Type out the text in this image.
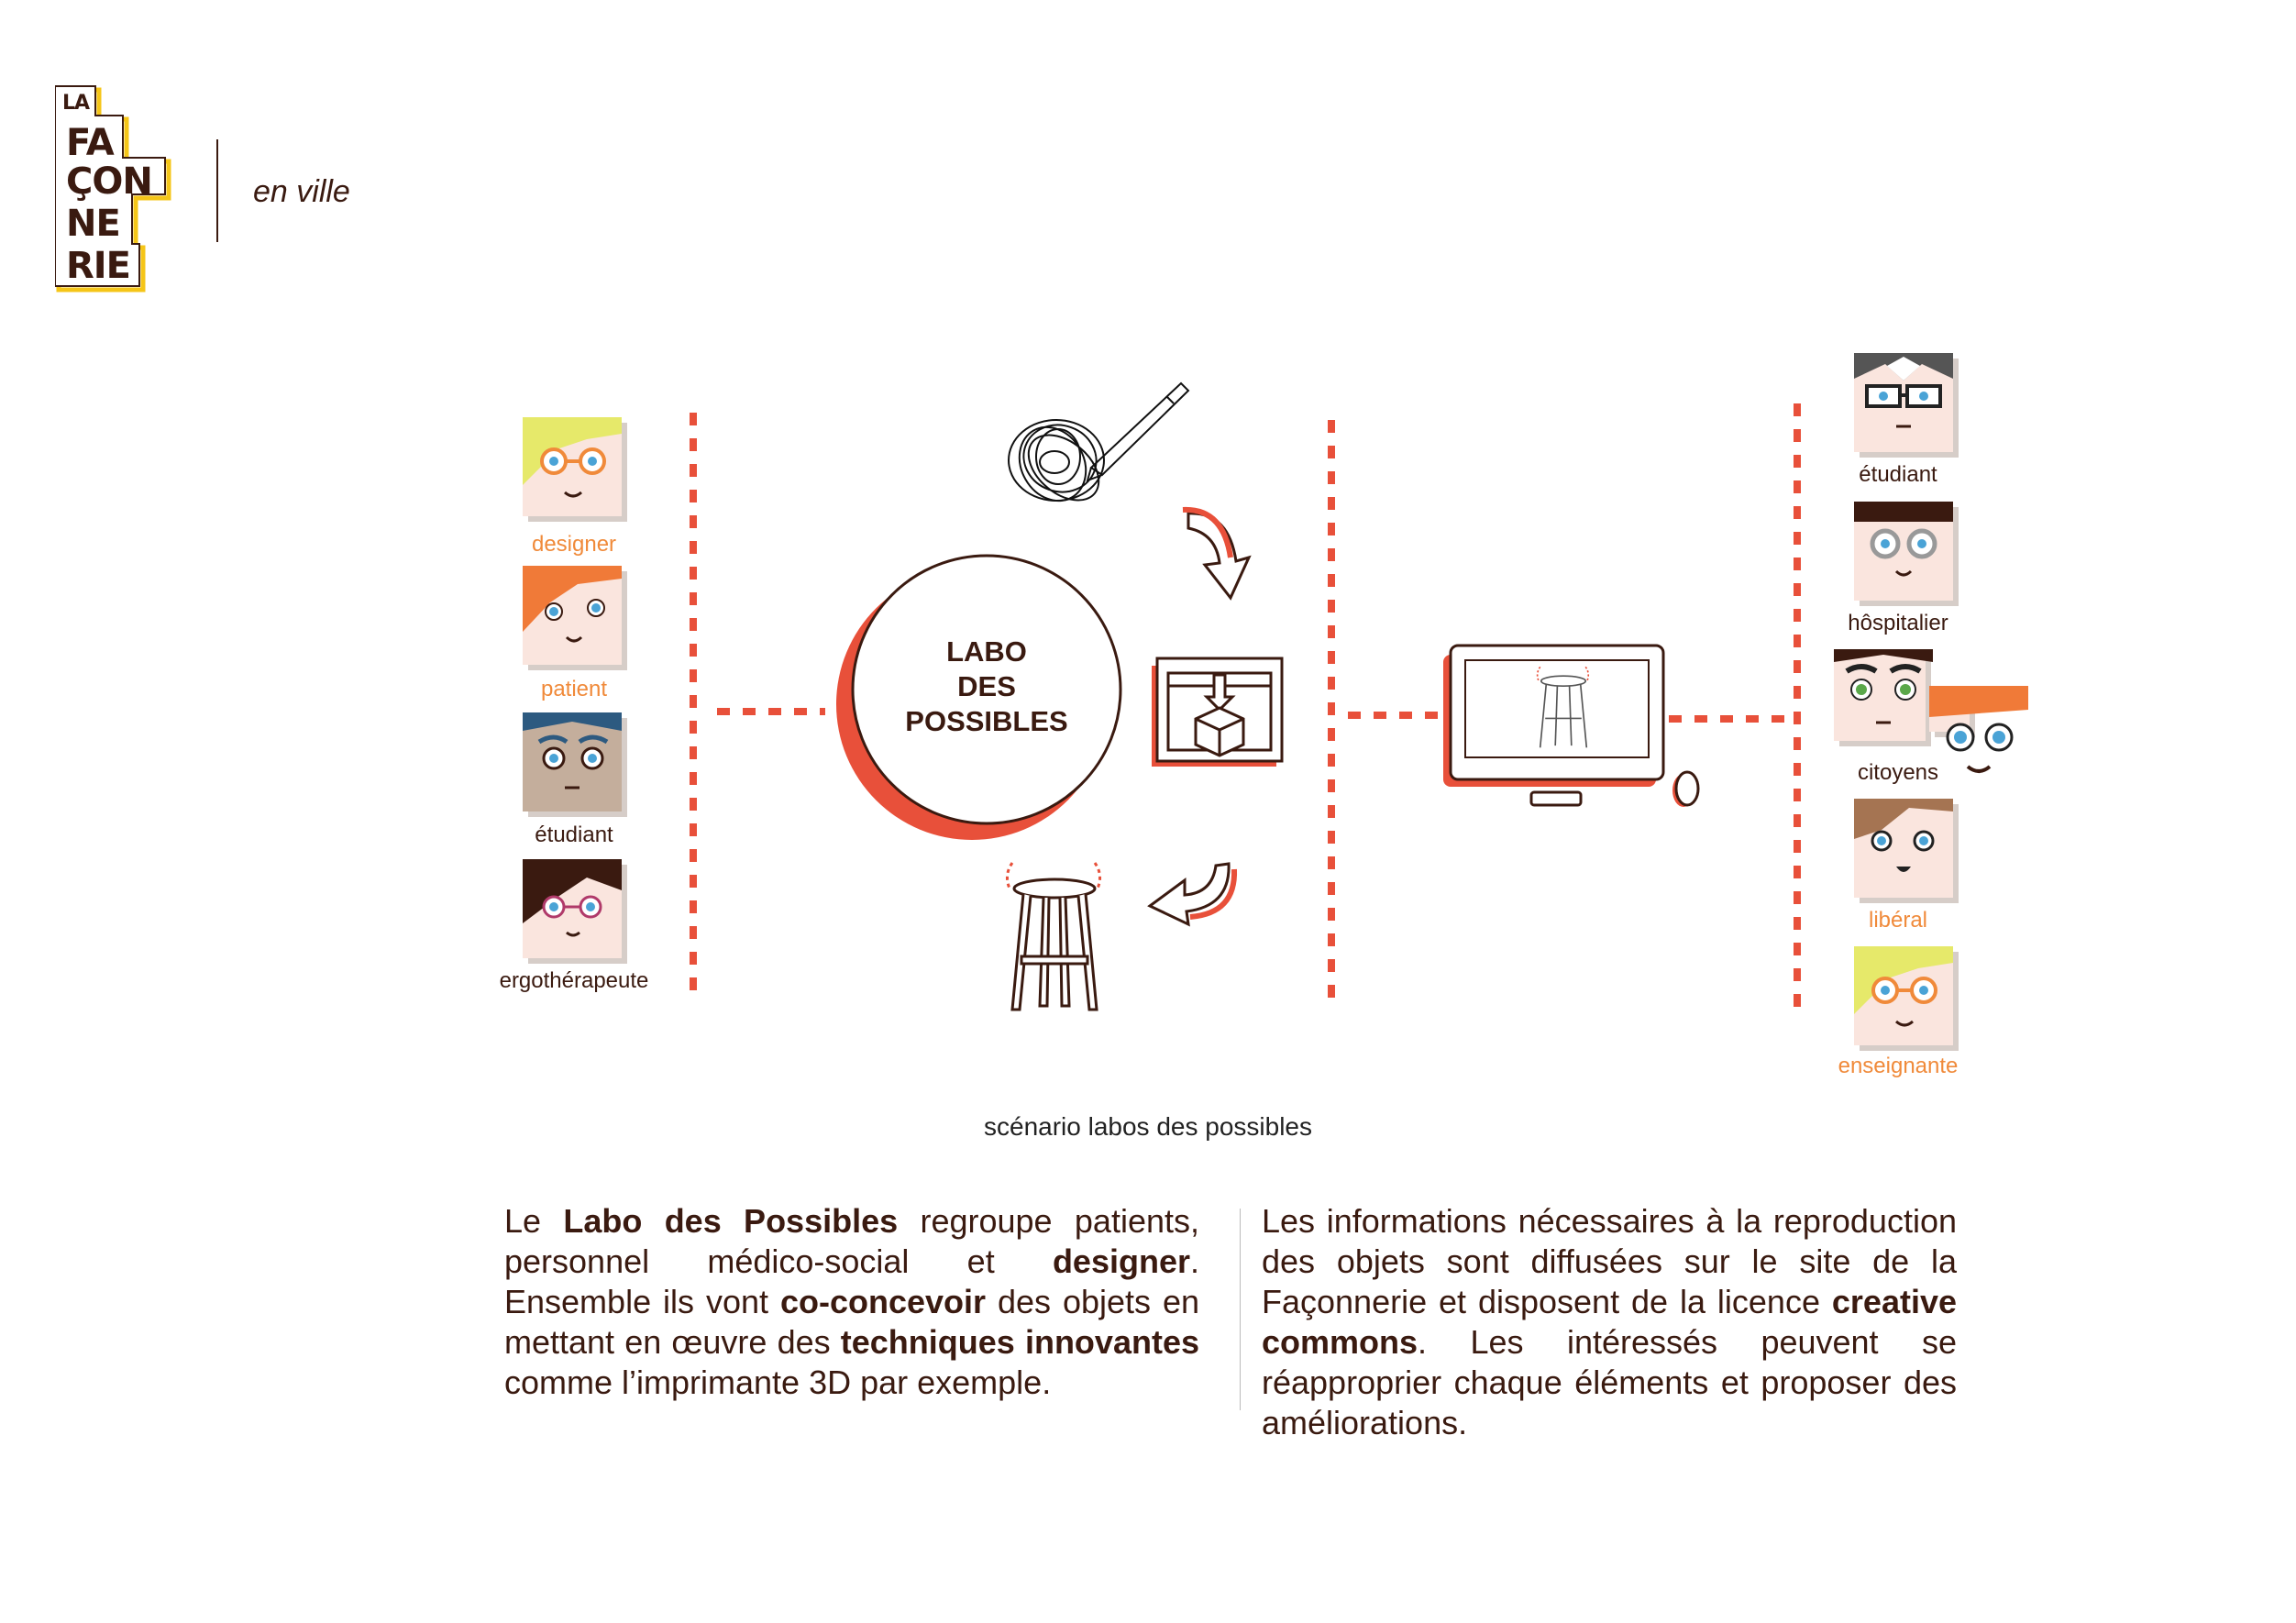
LA
FA
ÇON
NE
RIE
en ville
designer
patient
étudiant
ergothérapeute
LABO
DES
POSSIBLES
étudiant
hôspitalier
citoyens
libéral
enseignante
scénario labos des possibles
Le Labo des Possibles regroupe patients, personnel médico-social et designer. Ensemble ils vont co-concevoir des objets en mettant en œuvre des techniques innovantes comme l’imprimante 3D par exemple.
Les informations nécessaires à la reproduction des objets sont diffusées sur le site de la Façonnerie et disposent de la licence creative commons. Les intéressés peuvent se réapproprier chaque éléments et proposer des améliorations.
